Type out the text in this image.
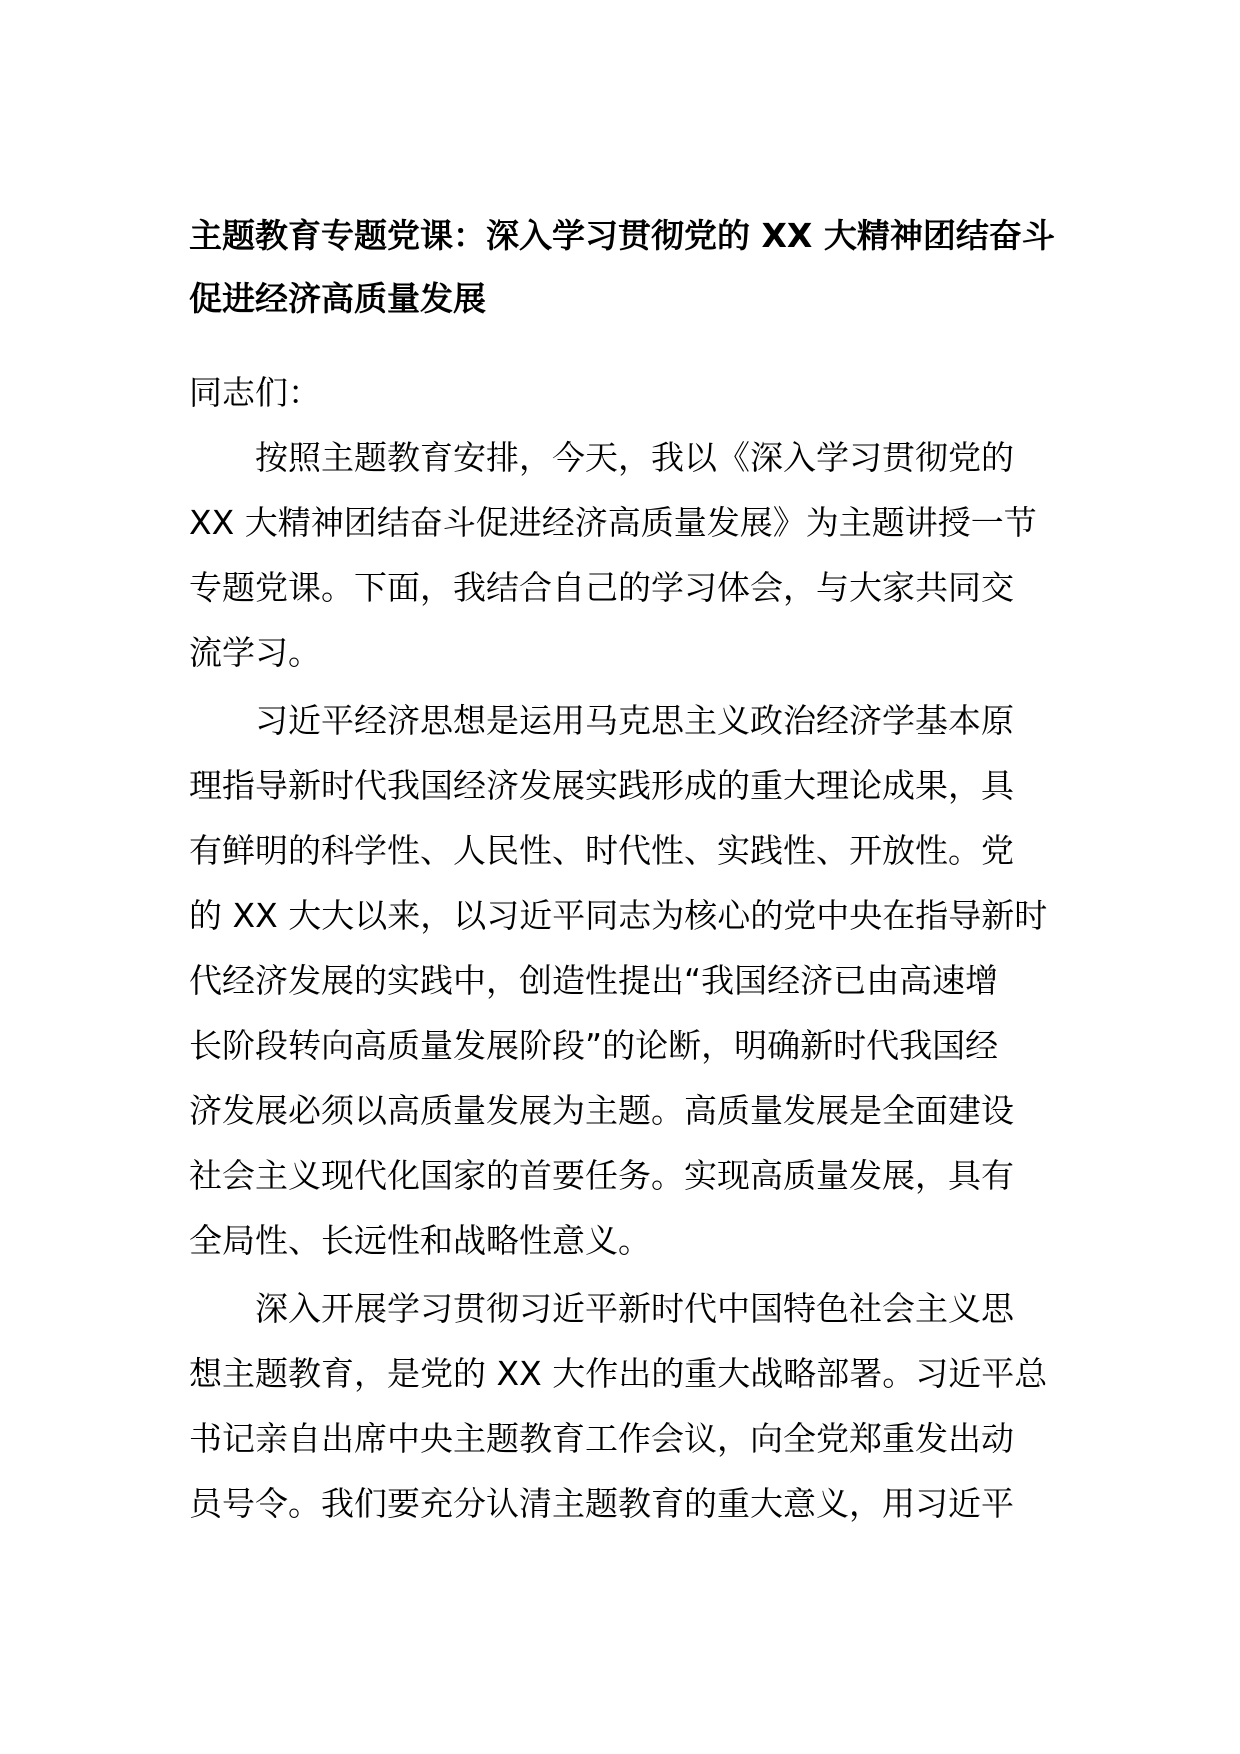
主题教育专题党课：深入学习贯彻党的 XX 大精神团结奋斗
促进经济高质量发展
同志们：
按照主题教育安排，今天，我以《深入学习贯彻党的
XX 大精神团结奋斗促进经济高质量发展》为主题讲授一节
专题党课。下面，我结合自己的学习体会，与大家共同交
流学习。
习近平经济思想是运用马克思主义政治经济学基本原
理指导新时代我国经济发展实践形成的重大理论成果，具
有鲜明的科学性、人民性、时代性、实践性、开放性。党
的 XX 大大以来，以习近平同志为核心的党中央在指导新时
代经济发展的实践中，创造性提出“我国经济已由高速增
长阶段转向高质量发展阶段”的论断，明确新时代我国经
济发展必须以高质量发展为主题。高质量发展是全面建设
社会主义现代化国家的首要任务。实现高质量发展，具有
全局性、长远性和战略性意义。
深入开展学习贯彻习近平新时代中国特色社会主义思
想主题教育，是党的 XX 大作出的重大战略部署。习近平总
书记亲自出席中央主题教育工作会议，向全党郑重发出动
员号令。我们要充分认清主题教育的重大意义，用习近平
